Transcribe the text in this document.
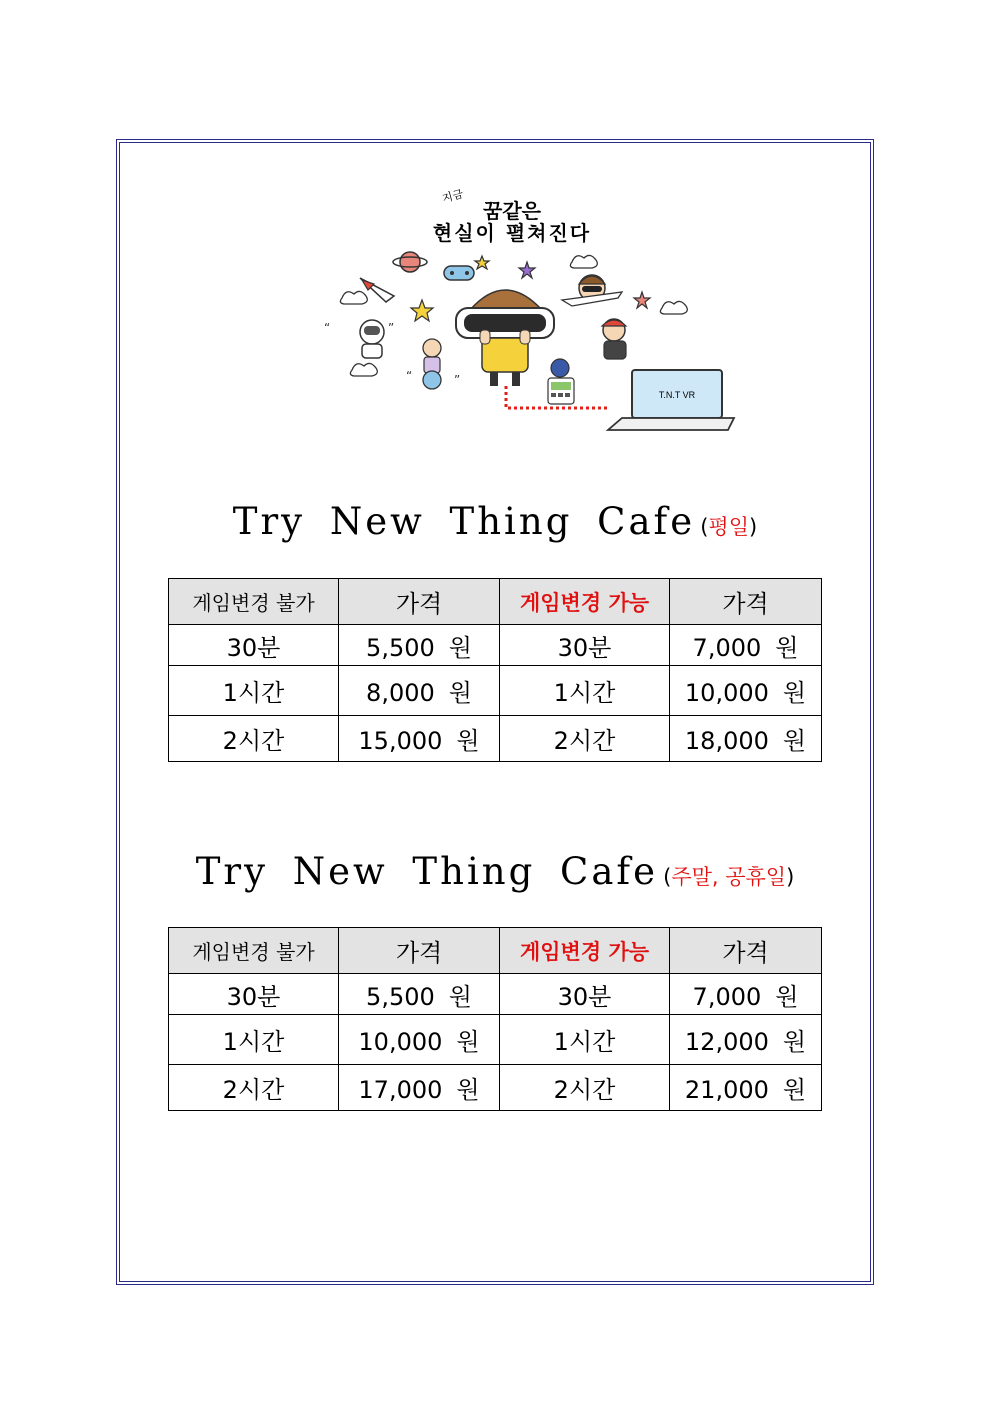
지금
꿈같은
현실이 펼쳐진다
T.N.T VR
“	”
“	”
Try New Thing Cafe (평일)
게임변경 불가	가격	게임변경 가능	가격
30분	5,500 원	30분	7,000 원
1시간	8,000 원	1시간	10,000 원
2시간	15,000 원	2시간	18,000 원
Try New Thing Cafe (주말, 공휴일)
게임변경 불가	가격	게임변경 가능	가격
30분	5,500 원	30분	7,000 원
1시간	10,000 원	1시간	12,000 원
2시간	17,000 원	2시간	21,000 원
